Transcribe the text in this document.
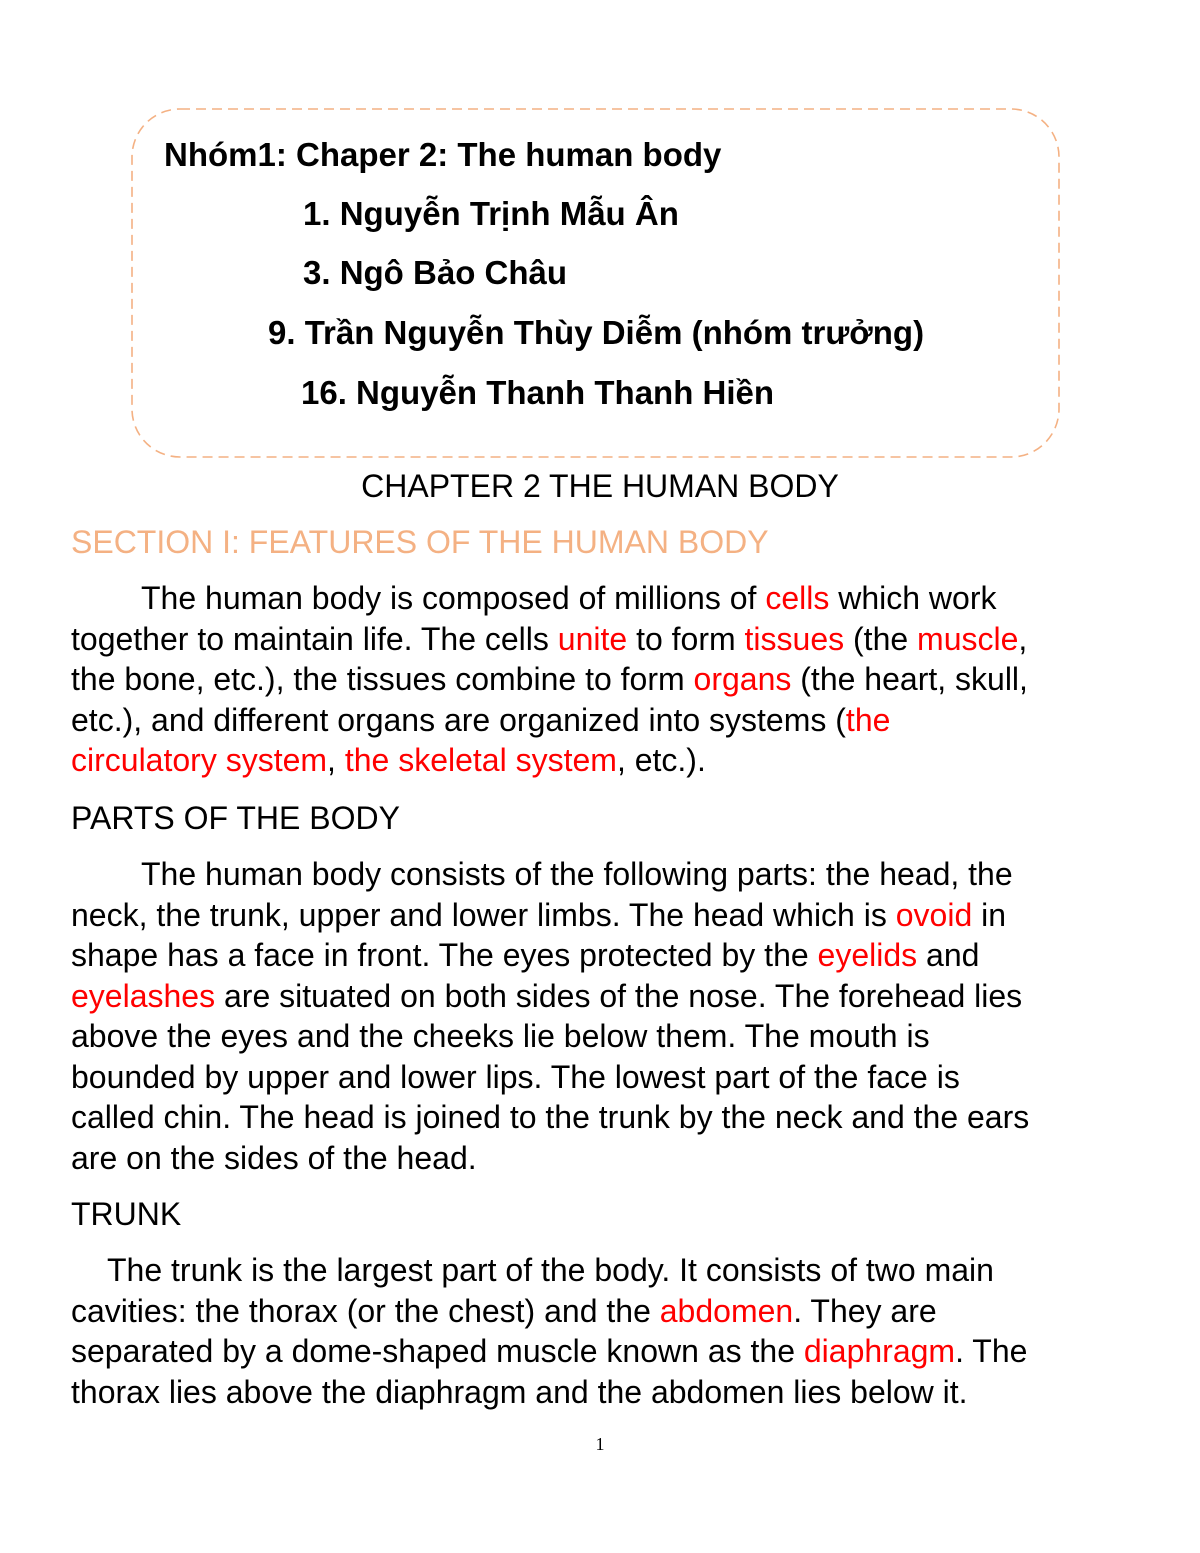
Nhóm1: Chaper 2: The human body
1. Nguyễn Trịnh Mẫu Ân
3. Ngô Bảo Châu
9. Trần Nguyễn Thùy Diễm (nhóm trưởng)
16. Nguyễn Thanh Thanh Hiền
CHAPTER 2 THE HUMAN BODY
SECTION I: FEATURES OF THE HUMAN BODY
The human body is composed of millions of cells which work
together to maintain life. The cells unite to form tissues (the muscle,
the bone, etc.), the tissues combine to form organs (the heart, skull,
etc.), and different organs are organized into systems (the
circulatory system, the skeletal system, etc.).
PARTS OF THE BODY
The human body consists of the following parts: the head, the
neck, the trunk, upper and lower limbs. The head which is ovoid in
shape has a face in front. The eyes protected by the eyelids and
eyelashes are situated on both sides of the nose. The forehead lies
above the eyes and the cheeks lie below them. The mouth is
bounded by upper and lower lips. The lowest part of the face is
called chin. The head is joined to the trunk by the neck and the ears
are on the sides of the head.
TRUNK
The trunk is the largest part of the body. It consists of two main
cavities: the thorax (or the chest) and the abdomen. They are
separated by a dome-shaped muscle known as the diaphragm. The
thorax lies above the diaphragm and the abdomen lies below it.
1
